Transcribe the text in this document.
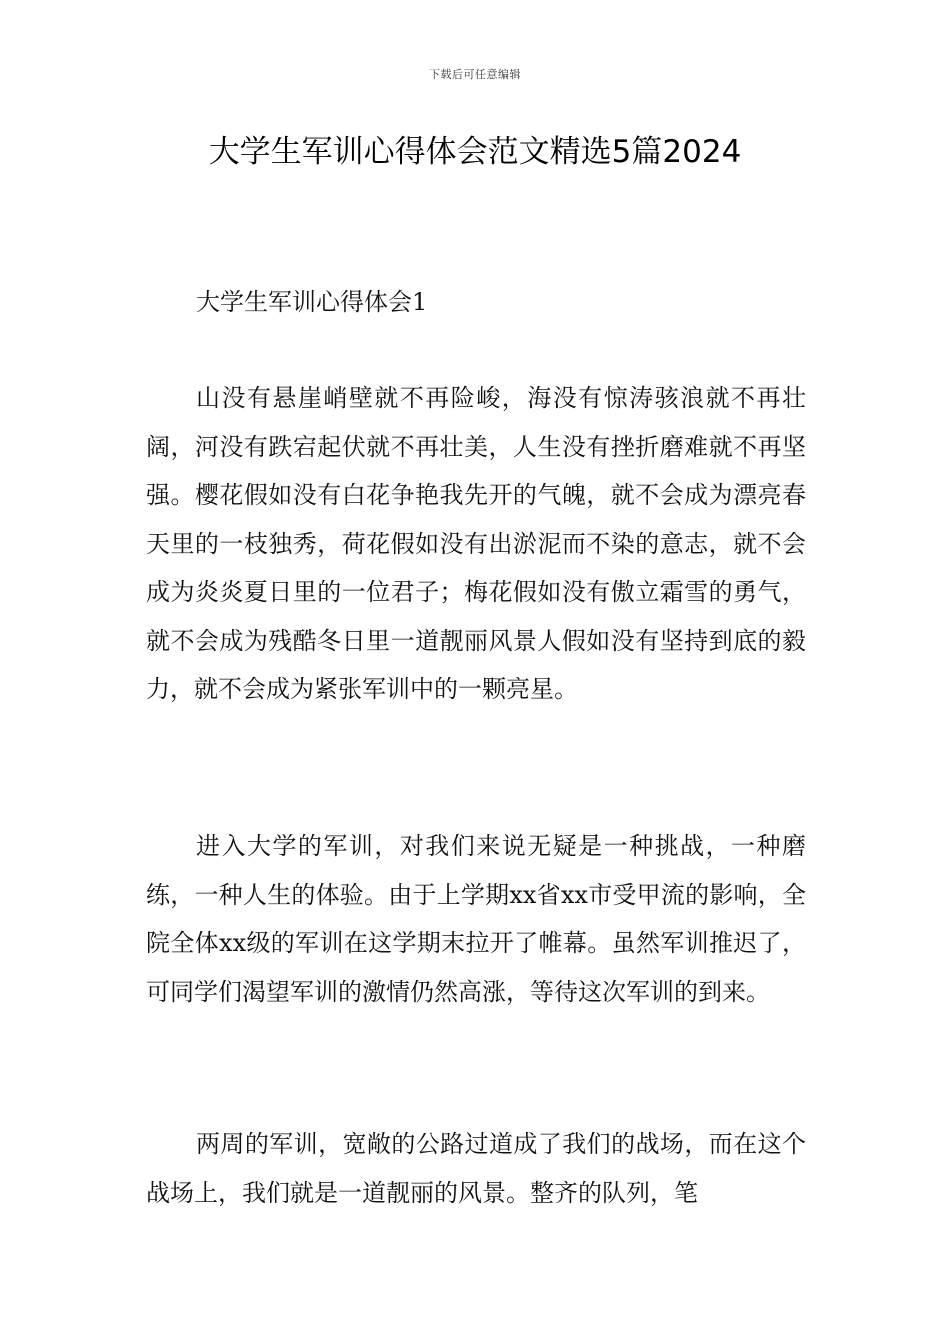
下载后可任意编辑
大学生军训心得体会范文精选5篇2024
大学生军训心得体会1

山没有悬崖峭壁就不再险峻，海没有惊涛骇浪就不再壮阔，河没有跌宕起伏就不再壮美，人生没有挫折磨难就不再坚强。樱花假如没有白花争艳我先开的气魄，就不会成为漂亮春天里的一枝独秀，荷花假如没有出淤泥而不染的意志，就不会成为炎炎夏日里的一位君子；梅花假如没有傲立霜雪的勇气，就不会成为残酷冬日里一道靓丽风景人假如没有坚持到底的毅力，就不会成为紧张军训中的一颗亮星。

进入大学的军训，对我们来说无疑是一种挑战，一种磨练，一种人生的体验。由于上学期xx省xx市受甲流的影响，全院全体xx级的军训在这学期末拉开了帷幕。虽然军训推迟了，可同学们渴望军训的激情仍然高涨，等待这次军训的到来。

两周的军训，宽敞的公路过道成了我们的战场，而在这个战场上，我们就是一道靓丽的风景。整齐的队列，笔
